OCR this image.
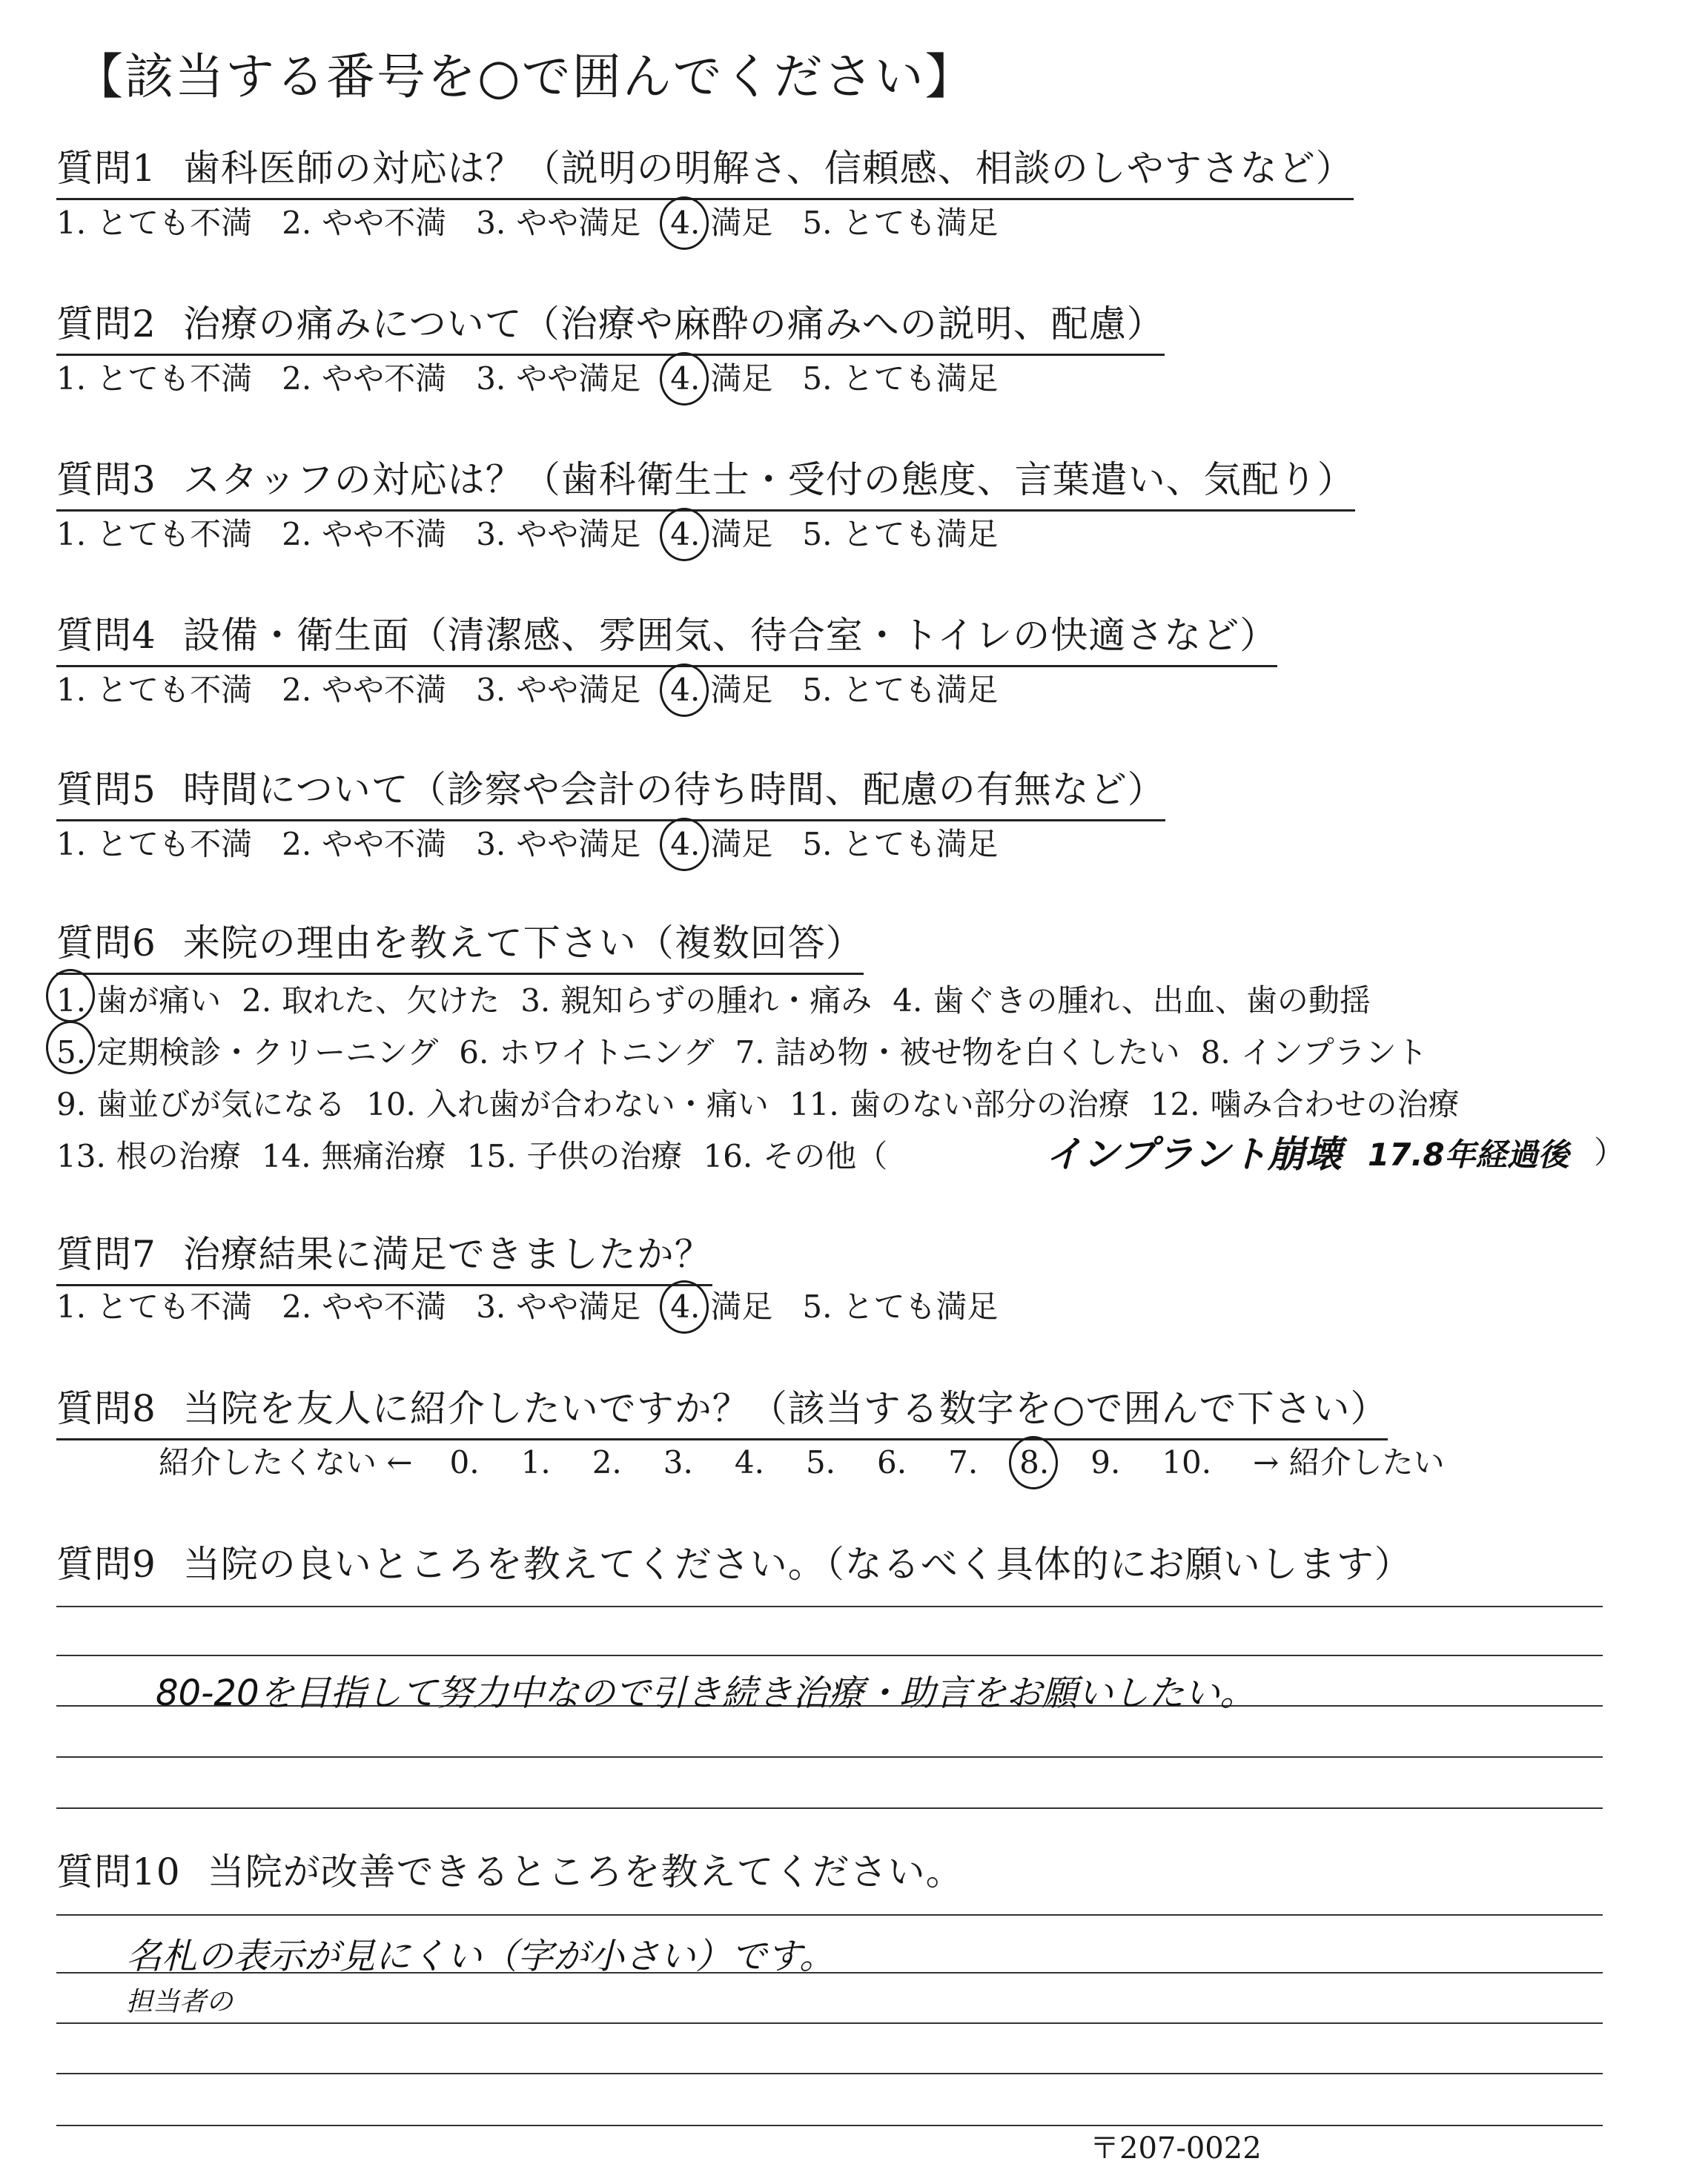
【該当する番号を○で囲んでください】
質問1 歯科医師の対応は？（説明の明解さ、信頼感、相談のしやすさなど）
1. とても不満 2. やや不満 3. やや満足 4. 満足 5. とても満足
質問2 治療の痛みについて（治療や麻酔の痛みへの説明、配慮）
1. とても不満 2. やや不満 3. やや満足 4. 満足 5. とても満足
質問3 スタッフの対応は？（歯科衛生士・受付の態度、言葉遣い、気配り）
1. とても不満 2. やや不満 3. やや満足 4. 満足 5. とても満足
質問4 設備・衛生面（清潔感、雰囲気、待合室・トイレの快適さなど）
1. とても不満 2. やや不満 3. やや満足 4. 満足 5. とても満足
質問5 時間について（診察や会計の待ち時間、配慮の有無など）
1. とても不満 2. やや不満 3. やや満足 4. 満足 5. とても満足
質問6 来院の理由を教えて下さい（複数回答）
1. 歯が痛い 2. 取れた、欠けた 3. 親知らずの腫れ・痛み 4. 歯ぐきの腫れ、出血、歯の動揺
5. 定期検診・クリーニング 6. ホワイトニング 7. 詰め物・被せ物を白くしたい 8. インプラント
9. 歯並びが気になる 10. 入れ歯が合わない・痛い 11. 歯のない部分の治療 12. 噛み合わせの治療
13. 根の治療 14. 無痛治療 15. 子供の治療 16. その他（	インプラント崩壊 17.8年経過後 ）
質問7 治療結果に満足できましたか？
1. とても不満 2. やや不満 3. やや満足 4. 満足 5. とても満足
質問8 当院を友人に紹介したいですか？（該当する数字を○で囲んで下さい）
紹介したくない ← 0. 1. 2. 3. 4. 5. 6. 7. 8. 9. 10. → 紹介したい
質問9 当院の良いところを教えてください。（なるべく具体的にお願いします）
80-20を目指して努力中なので引き続き治療・助言をお願いしたい。
質問10 当院が改善できるところを教えてください。
名札の表示が見にくい（字が小さい）です。
担当者の
〒207-0022
